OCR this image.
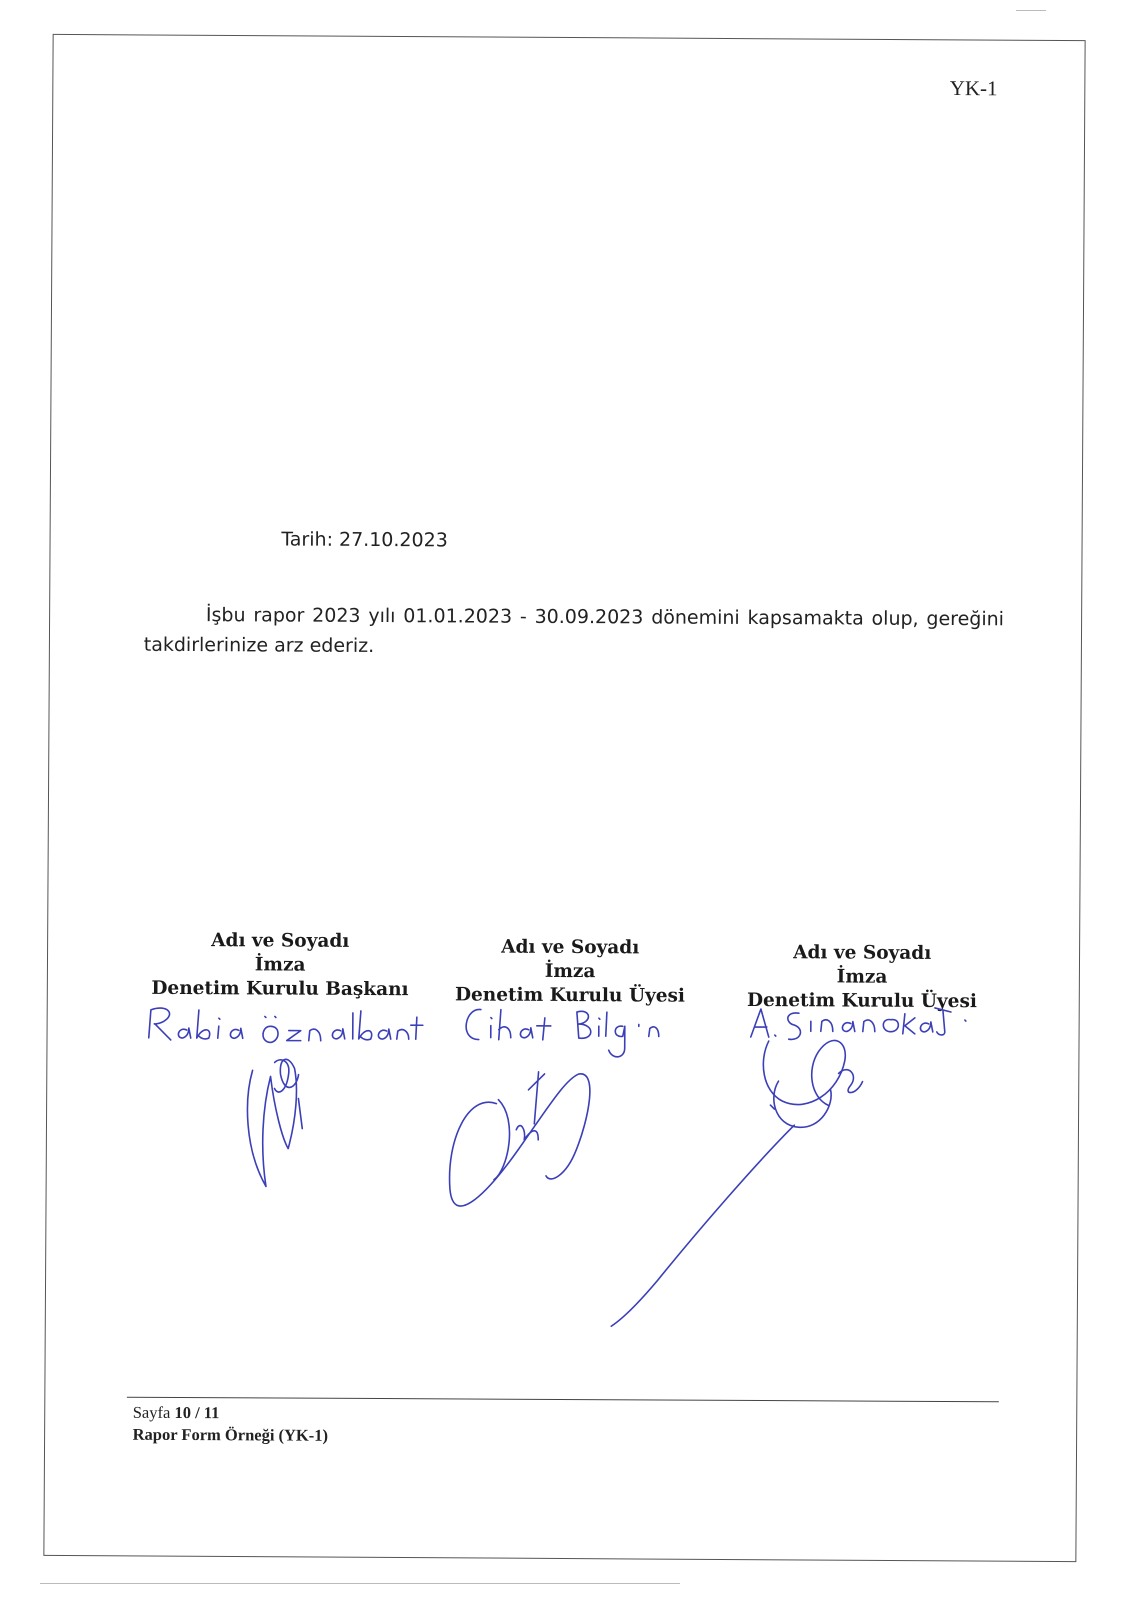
YK-1
Tarih: 27.10.2023
İşbu rapor 2023 yılı 01.01.2023 - 30.09.2023 dönemini kapsamakta olup, gereğini takdirlerinize arz ederiz.
Adı ve Soyadı
İmza
Denetim Kurulu Başkanı
Adı ve Soyadı
İmza
Denetim Kurulu Üyesi
Adı ve Soyadı
İmza
Denetim Kurulu Üyesi
Sayfa 10 / 11
Rapor Form Örneği (YK-1)
